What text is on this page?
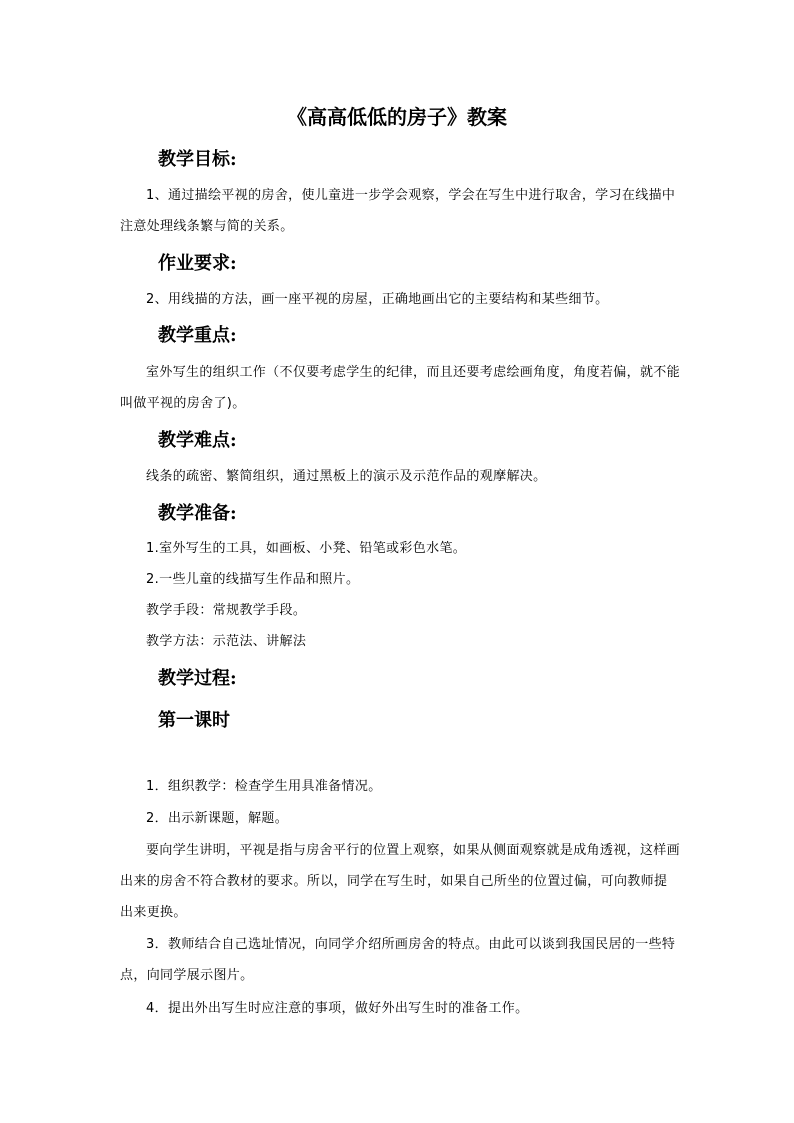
《高高低低的房子》教案
教学目标:
1、通过描绘平视的房舍，使儿童进一步学会观察，学会在写生中进行取舍，学习在线描中注意处理线条繁与简的关系。
作业要求:
2、用线描的方法，画一座平视的房屋，正确地画出它的主要结构和某些细节。
教学重点:
室外写生的组织工作（不仅要考虑学生的纪律，而且还要考虑绘画角度，角度若偏，就不能叫做平视的房舍了)。
教学难点:
线条的疏密、繁简组织，通过黑板上的演示及示范作品的观摩解决。
教学准备:
1.室外写生的工具，如画板、小凳、铅笔或彩色水笔。
2.一些儿童的线描写生作品和照片。
教学手段：常规教学手段。
教学方法：示范法、讲解法
教学过程:
第一课时
1．组织教学：检查学生用具准备情况。
2．出示新课题，解题。
要向学生讲明，平视是指与房舍平行的位置上观察，如果从侧面观察就是成角透视，这样画出来的房舍不符合教材的要求。所以，同学在写生时，如果自己所坐的位置过偏，可向教师提出来更换。
3．教师结合自己选址情况，向同学介绍所画房舍的特点。由此可以谈到我国民居的一些特点，向同学展示图片。
4．提出外出写生时应注意的事项，做好外出写生时的准备工作。
